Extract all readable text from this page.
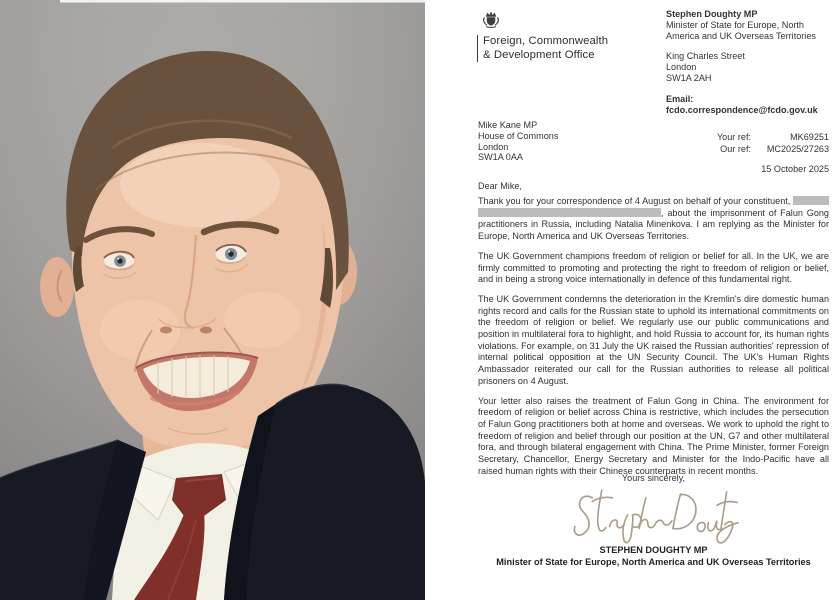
Foreign, Commonwealth
& Development Office
Stephen Doughty MP
Minister of State for Europe, North America and UK Overseas Territories
King Charles Street
London
SW1A 2AH
Email:
fcdo.correspondence@fcdo.gov.uk
Mike Kane MP
House of Commons
London
SW1A 0AA
Your ref:	MK69251
Our ref: MC2025/27263
15 October 2025
Dear Mike,

Thank you for your correspondence of 4 August on behalf of your constituent,  , about the imprisonment of Falun Gong practitioners in Russia, including Natalia Minenkova. I am replying as the Minister for Europe, North America and UK Overseas Territories.

The UK Government champions freedom of religion or belief for all. In the UK, we are firmly committed to promoting and protecting the right to freedom of religion or belief, and in being a strong voice internationally in defence of this fundamental right.

The UK Government condemns the deterioration in the Kremlin's dire domestic human rights record and calls for the Russian state to uphold its international commitments on the freedom of religion or belief. We regularly use our public communications and position in multilateral fora to highlight, and hold Russia to account for, its human rights violations. For example, on 31 July the UK raised the Russian authorities' repression of internal political opposition at the UN Security Council. The UK's Human Rights Ambassador reiterated our call for the Russian authorities to release all political prisoners on 4 August.

Your letter also raises the treatment of Falun Gong in China. The environment for freedom of religion or belief across China is restrictive, which includes the persecution of Falun Gong practitioners both at home and overseas. We work to uphold the right to freedom of religion and belief through our position at the UN, G7 and other multilateral fora, and through bilateral engagement with China. The Prime Minister, former Foreign Secretary, Chancellor, Energy Secretary and Minister for the Indo-Pacific have all raised human rights with their Chinese counterparts in recent months.

Yours sincerely,
STEPHEN DOUGHTY MP
Minister of State for Europe, North America and UK Overseas Territories
